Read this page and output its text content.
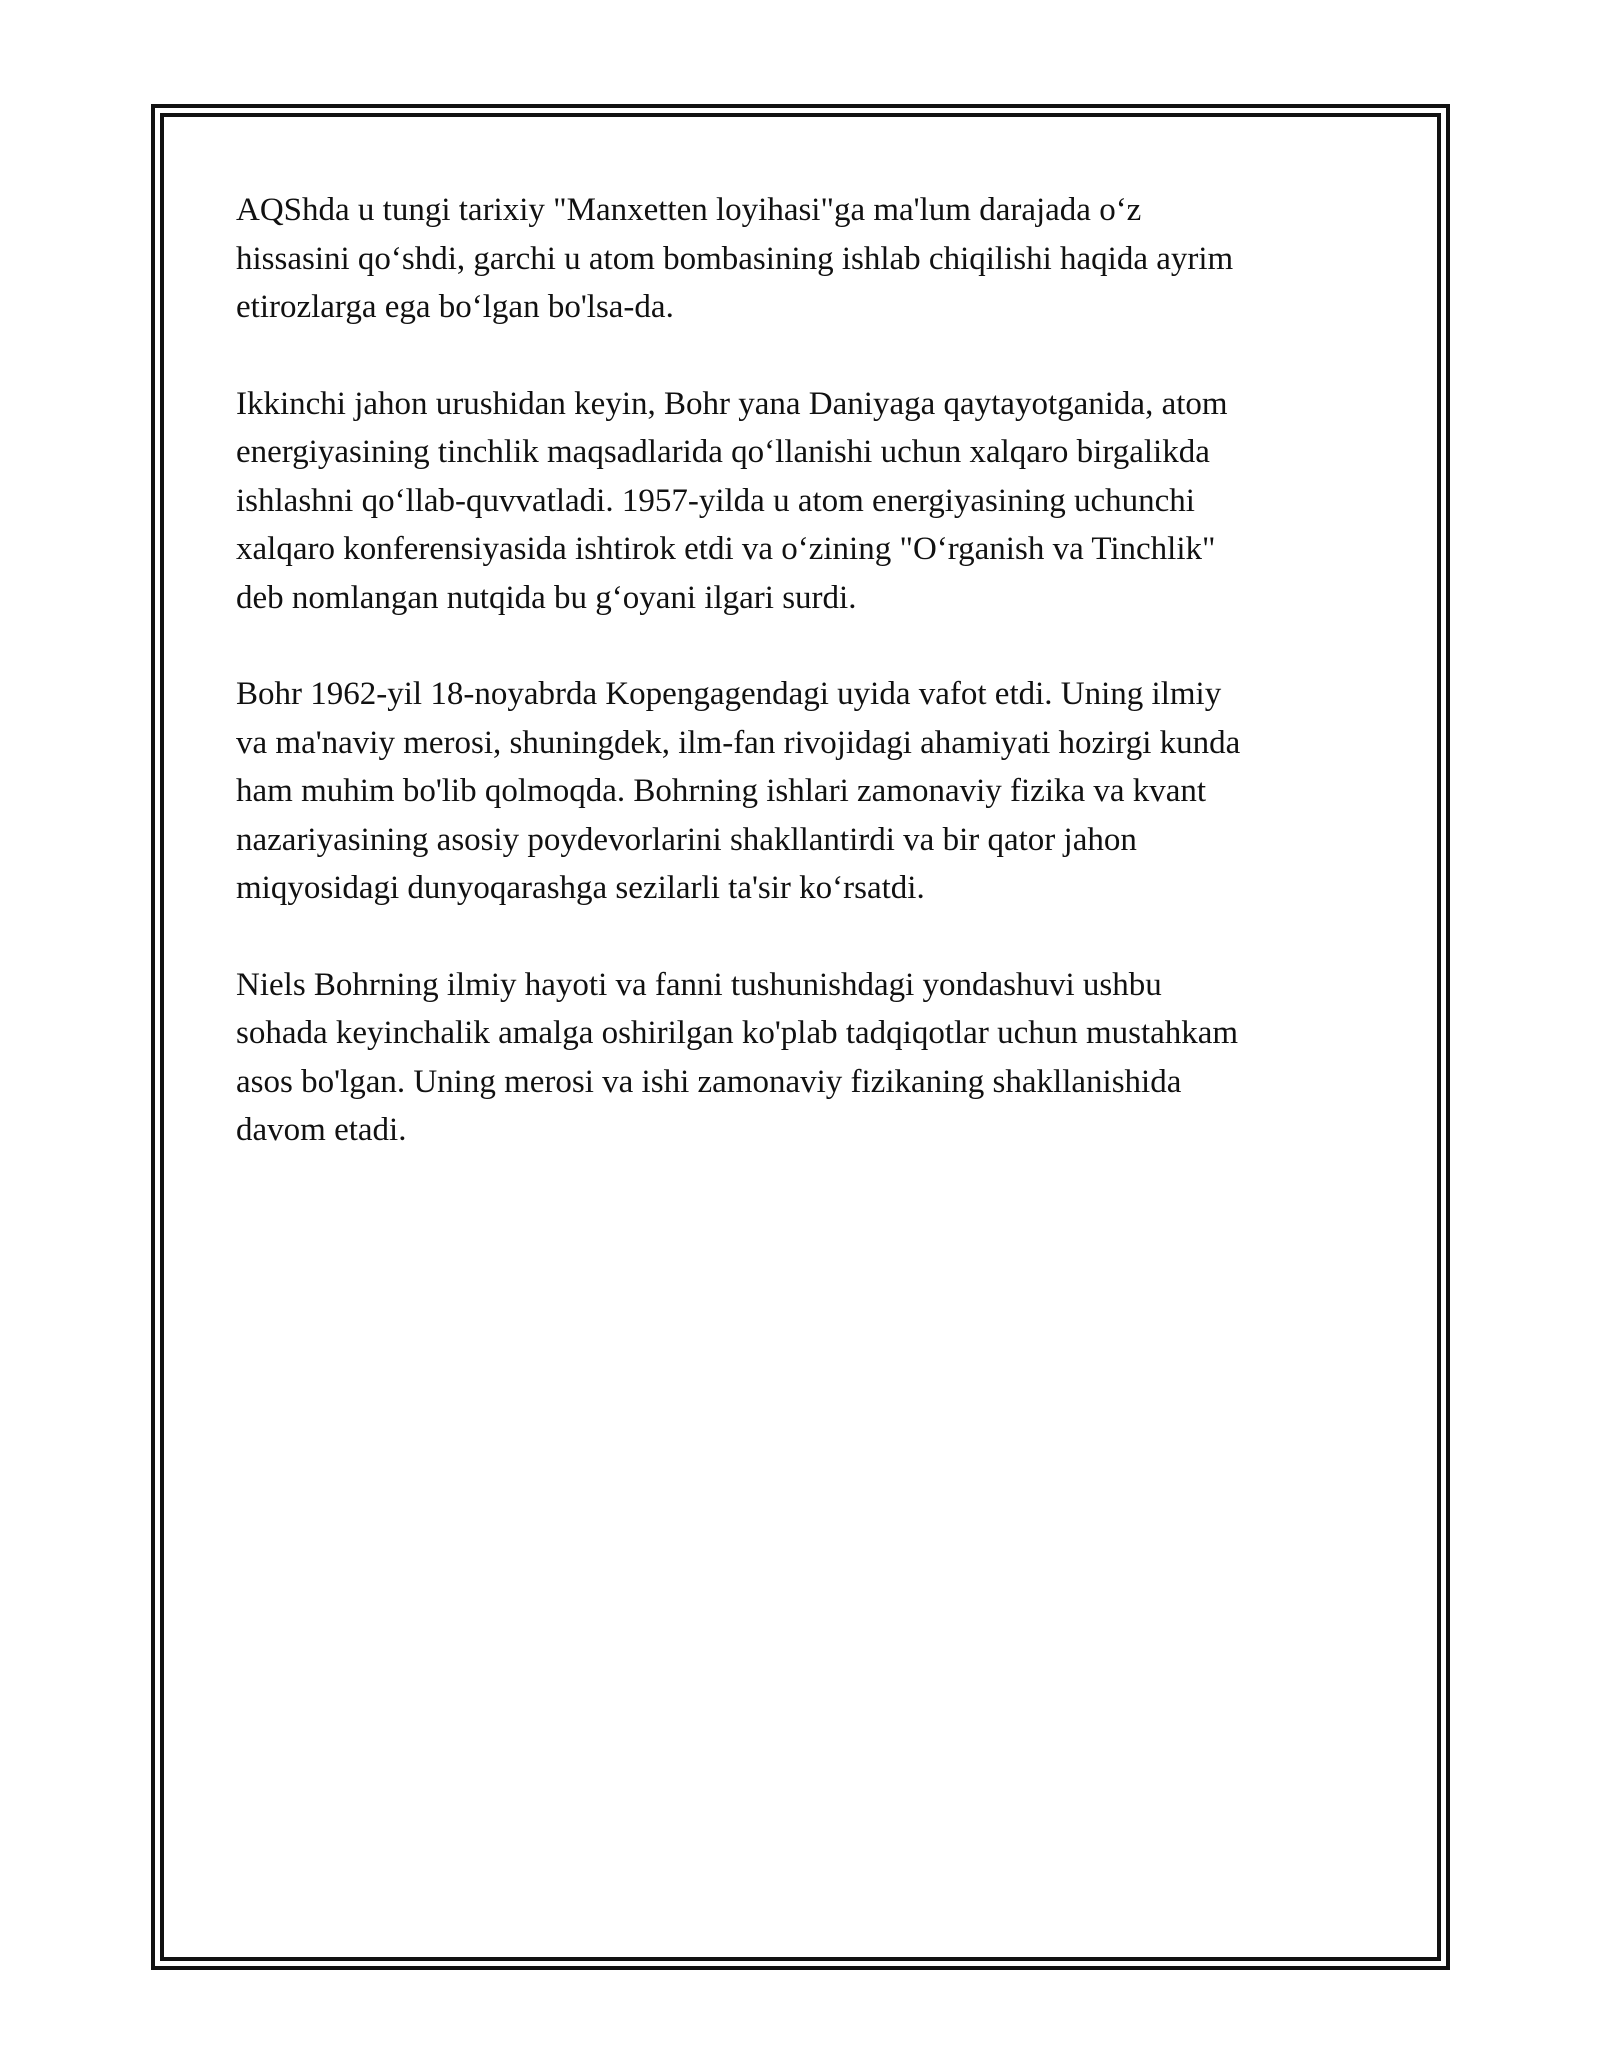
AQShda u tungi tarixiy "Manxetten loyihasi"ga ma'lum darajada o‘z
hissasini qo‘shdi, garchi u atom bombasining ishlab chiqilishi haqida ayrim
etirozlarga ega bo‘lgan bo'lsa-da.

Ikkinchi jahon urushidan keyin, Bohr yana Daniyaga qaytayotganida, atom
energiyasining tinchlik maqsadlarida qo‘llanishi uchun xalqaro birgalikda
ishlashni qo‘llab-quvvatladi. 1957-yilda u atom energiyasining uchunchi
xalqaro konferensiyasida ishtirok etdi va o‘zining "O‘rganish va Tinchlik"
deb nomlangan nutqida bu g‘oyani ilgari surdi.

Bohr 1962-yil 18-noyabrda Kopengagendagi uyida vafot etdi. Uning ilmiy
va ma'naviy merosi, shuningdek, ilm-fan rivojidagi ahamiyati hozirgi kunda
ham muhim bo'lib qolmoqda. Bohrning ishlari zamonaviy fizika va kvant
nazariyasining asosiy poydevorlarini shakllantirdi va bir qator jahon
miqyosidagi dunyoqarashga sezilarli ta'sir ko‘rsatdi.

Niels Bohrning ilmiy hayoti va fanni tushunishdagi yondashuvi ushbu
sohada keyinchalik amalga oshirilgan ko'plab tadqiqotlar uchun mustahkam
asos bo'lgan. Uning merosi va ishi zamonaviy fizikaning shakllanishida
davom etadi.
